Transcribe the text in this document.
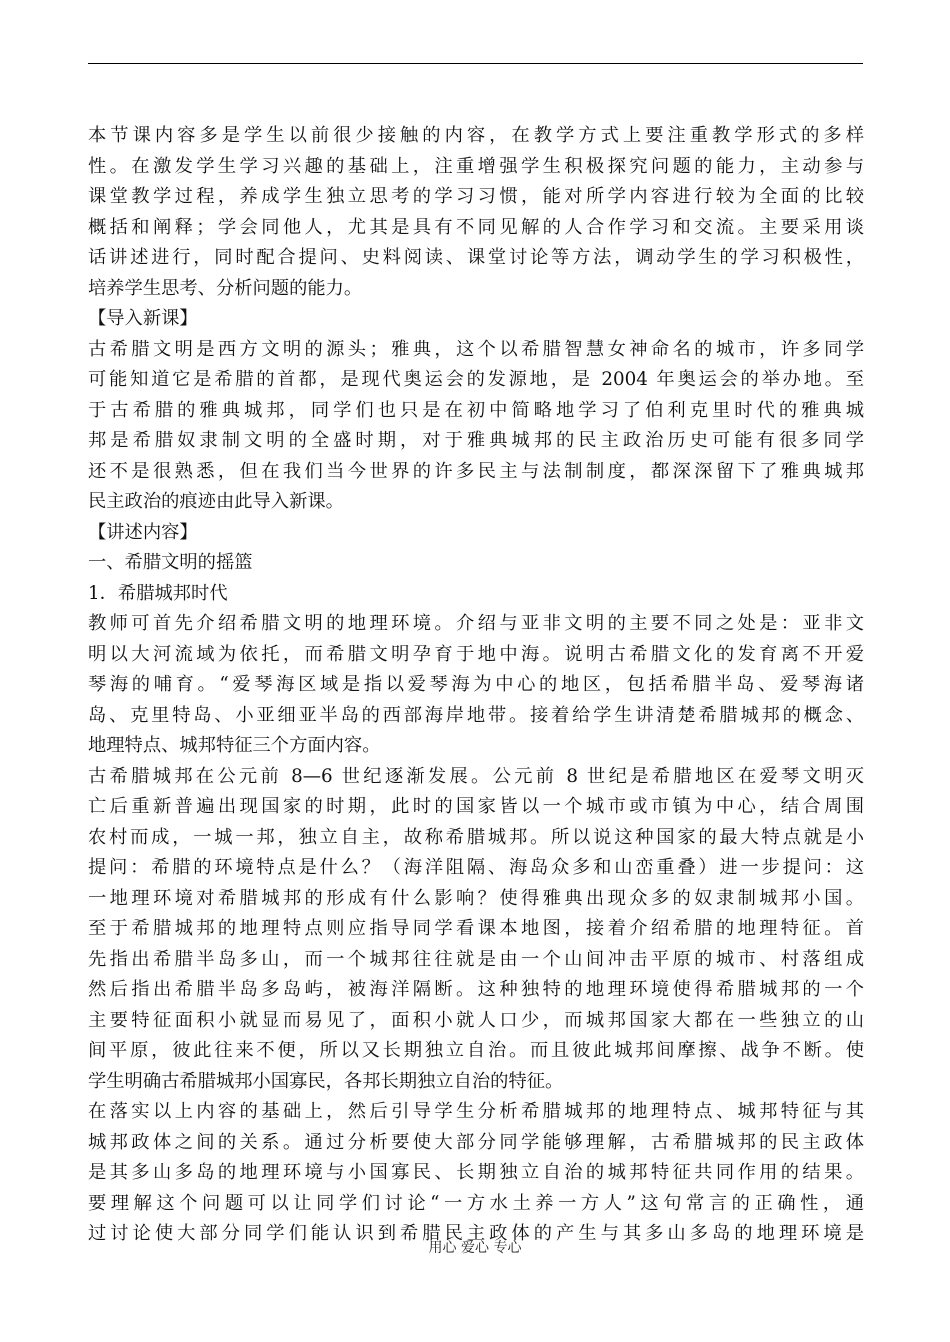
本节课内容多是学生以前很少接触的内容，在教学方式上要注重教学形式的多样
性。在激发学生学习兴趣的基础上，注重增强学生积极探究问题的能力，主动参与
课堂教学过程，养成学生独立思考的学习习惯，能对所学内容进行较为全面的比较
概括和阐释；学会同他人，尤其是具有不同见解的人合作学习和交流。主要采用谈
话讲述进行，同时配合提问、史料阅读、课堂讨论等方法，调动学生的学习积极性，
培养学生思考、分析问题的能力。
【导入新课】
古希腊文明是西方文明的源头；雅典，这个以希腊智慧女神命名的城市，许多同学
可能知道它是希腊的首都，是现代奥运会的发源地，是 2004 年奥运会的举办地。至
于古希腊的雅典城邦，同学们也只是在初中简略地学习了伯利克里时代的雅典城
邦是希腊奴隶制文明的全盛时期，对于雅典城邦的民主政治历史可能有很多同学
还不是很熟悉，但在我们当今世界的许多民主与法制制度，都深深留下了雅典城邦
民主政治的痕迹由此导入新课。
【讲述内容】
一、希腊文明的摇篮
1．希腊城邦时代
教师可首先介绍希腊文明的地理环境。介绍与亚非文明的主要不同之处是：亚非文
明以大河流域为依托，而希腊文明孕育于地中海。说明古希腊文化的发育离不开爱
琴海的哺育。“爱琴海区域是指以爱琴海为中心的地区，包括希腊半岛、爱琴海诸
岛、克里特岛、小亚细亚半岛的西部海岸地带。接着给学生讲清楚希腊城邦的概念、
地理特点、城邦特征三个方面内容。
古希腊城邦在公元前 8—6 世纪逐渐发展。公元前 8 世纪是希腊地区在爱琴文明灭
亡后重新普遍出现国家的时期，此时的国家皆以一个城市或市镇为中心，结合周围
农村而成，一城一邦，独立自主，故称希腊城邦。所以说这种国家的最大特点就是小
提问：希腊的环境特点是什么？（海洋阻隔、海岛众多和山峦重叠）进一步提问：这
一地理环境对希腊城邦的形成有什么影响？使得雅典出现众多的奴隶制城邦小国。
至于希腊城邦的地理特点则应指导同学看课本地图，接着介绍希腊的地理特征。首
先指出希腊半岛多山，而一个城邦往往就是由一个山间冲击平原的城市、村落组成
然后指出希腊半岛多岛屿，被海洋隔断。这种独特的地理环境使得希腊城邦的一个
主要特征面积小就显而易见了，面积小就人口少，而城邦国家大都在一些独立的山
间平原，彼此往来不便，所以又长期独立自治。而且彼此城邦间摩擦、战争不断。使
学生明确古希腊城邦小国寡民，各邦长期独立自治的特征。
在落实以上内容的基础上，然后引导学生分析希腊城邦的地理特点、城邦特征与其
城邦政体之间的关系。通过分析要使大部分同学能够理解，古希腊城邦的民主政体
是其多山多岛的地理环境与小国寡民、长期独立自治的城邦特征共同作用的结果。
要理解这个问题可以让同学们讨论“一方水土养一方人”这句常言的正确性，通
过讨论使大部分同学们能认识到希腊民主政体的产生与其多山多岛的地理环境是
用心 爱心 专心
